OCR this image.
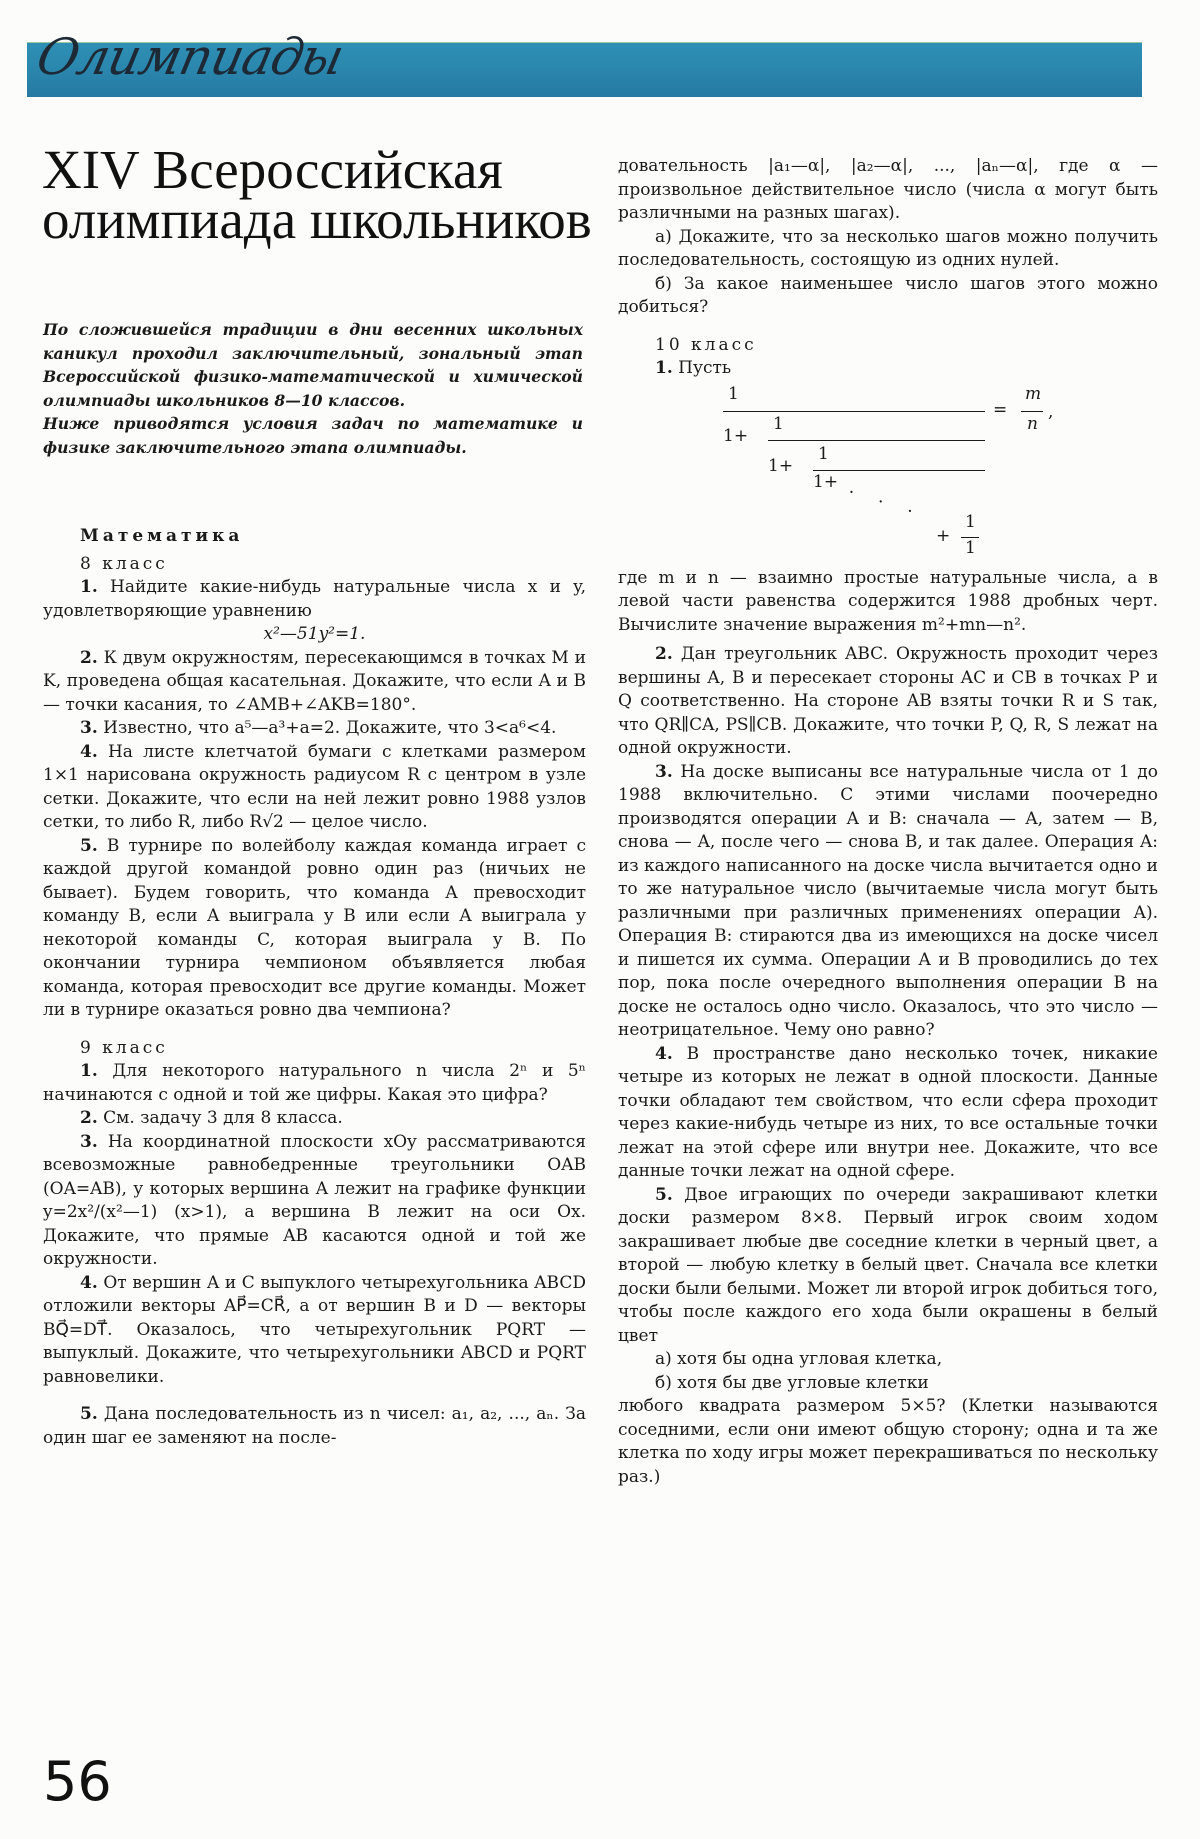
Олимпиады
XIV Всероссийская олимпиада школьников

По сложившейся традиции в дни весенних школьных каникул проходил заключительный, зональный этап Всероссийской физико-математической и химической олимпиады школьников 8—10 классов.

Ниже приводятся условия задач по математике и физике заключительного этапа олимпиады.

Математика

8 класс

1. Найдите какие-нибудь натуральные числа x и y, удовлетворяющие уравнению

x²—51y²=1.

2. К двум окружностям, пересекающимся в точках M и K, проведена общая касательная. Докажите, что если A и B — точки касания, то ∠AMB+∠AKB=180°.

3. Известно, что a⁵—a³+a=2. Докажите, что 3<a⁶<4.

4. На листе клетчатой бумаги с клетками размером 1×1 нарисована окружность радиусом R с центром в узле сетки. Докажите, что если на ней лежит ровно 1988 узлов сетки, то либо R, либо R√2 — целое число.

5. В турнире по волейболу каждая команда играет с каждой другой командой ровно один раз (ничьих не бывает). Будем говорить, что команда A превосходит команду B, если A выиграла у B или если A выиграла у некоторой команды C, которая выиграла у B. По окончании турнира чемпионом объявляется любая команда, которая превосходит все другие команды. Может ли в турнире оказаться ровно два чемпиона?

9 класс

1. Для некоторого натурального n числа 2ⁿ и 5ⁿ начинаются с одной и той же цифры. Какая это цифра?

2. См. задачу 3 для 8 класса.

3. На координатной плоскости xOy рассматриваются всевозможные равнобедренные треугольники OAB (OA=AB), у которых вершина A лежит на графике функции y=2x²/(x²—1) (x>1), а вершина B лежит на оси Ox. Докажите, что прямые AB касаются одной и той же окружности.

4. От вершин A и C выпуклого четырехугольника ABCD отложили векторы AP⃗=CR⃗, а от вершин B и D — векторы BQ⃗=DT⃗. Оказалось, что четырехугольник PQRT — выпуклый. Докажите, что четырехугольники ABCD и PQRT равновелики.

5. Дана последовательность из n чисел: a₁, a₂, ..., aₙ. За один шаг ее заменяют на после-

довательность |a₁—α|, |a₂—α|, ..., |aₙ—α|, где α — произвольное действительное число (числа α могут быть различными на разных шагах).

а) Докажите, что за несколько шагов можно получить последовательность, состоящую из одних нулей.

б) За какое наименьшее число шагов этого можно добиться?

10 класс

1. Пусть

1
=
m
n
,
1+
1
1+
1
1+ . . .
+
1
1

где m и n — взаимно простые натуральные числа, а в левой части равенства содержится 1988 дробных черт. Вычислите значение выражения m²+mn—n².

2. Дан треугольник ABC. Окружность проходит через вершины A, B и пересекает стороны AC и CB в точках P и Q соответственно. На стороне AB взяты точки R и S так, что QR∥CA, PS∥CB. Докажите, что точки P, Q, R, S лежат на одной окружности.

3. На доске выписаны все натуральные числа от 1 до 1988 включительно. С этими числами поочередно производятся операции A и B: сначала — A, затем — B, снова — A, после чего — снова B, и так далее. Операция A: из каждого написанного на доске числа вычитается одно и то же натуральное число (вычитаемые числа могут быть различными при различных применениях операции A). Операция B: стираются два из имеющихся на доске чисел и пишется их сумма. Операции A и B проводились до тех пор, пока после очередного выполнения операции B на доске не осталось одно число. Оказалось, что это число — неотрицательное. Чему оно равно?

4. В пространстве дано несколько точек, никакие четыре из которых не лежат в одной плоскости. Данные точки обладают тем свойством, что если сфера проходит через какие-нибудь четыре из них, то все остальные точки лежат на этой сфере или внутри нее. Докажите, что все данные точки лежат на одной сфере.

5. Двое играющих по очереди закрашивают клетки доски размером 8×8. Первый игрок своим ходом закрашивает любые две соседние клетки в черный цвет, а второй — любую клетку в белый цвет. Сначала все клетки доски были белыми. Может ли второй игрок добиться того, чтобы после каждого его хода были окрашены в белый цвет

а) хотя бы одна угловая клетка,

б) хотя бы две угловые клетки

любого квадрата размером 5×5? (Клетки называются соседними, если они имеют общую сторону; одна и та же клетка по ходу игры может перекрашиваться по нескольку раз.)

56
